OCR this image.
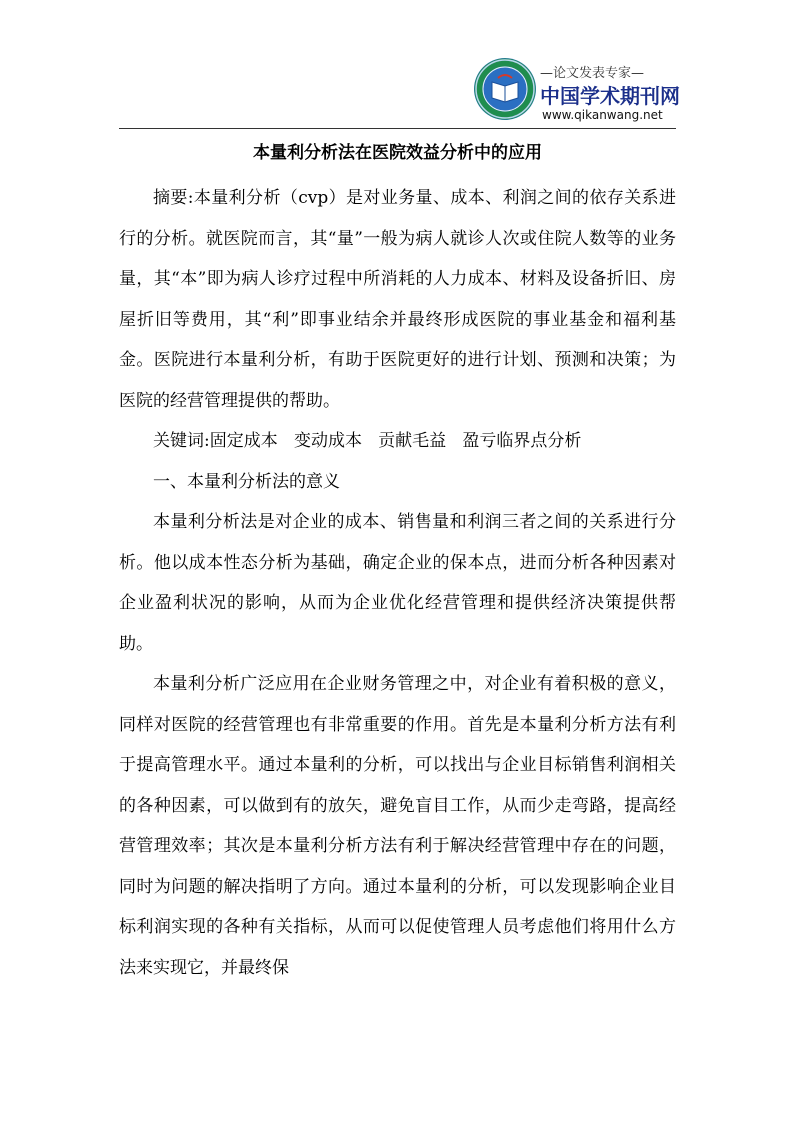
—论文发表专家—
中国学术期刊网
www.qikanwang.net
本量利分析法在医院效益分析中的应用

摘要:本量利分析（cvp）是对业务量、成本、利润之间的依存关系进行的分析。就医院而言，其“量”一般为病人就诊人次或住院人数等的业务量，其“本”即为病人诊疗过程中所消耗的人力成本、材料及设备折旧、房屋折旧等费用，其“利”即事业结余并最终形成医院的事业基金和福利基金。医院进行本量利分析，有助于医院更好的进行计划、预测和决策；为医院的经营管理提供的帮助。

关键词:固定成本   变动成本   贡献毛益   盈亏临界点分析

一、本量利分析法的意义

本量利分析法是对企业的成本、销售量和利润三者之间的关系进行分析。他以成本性态分析为基础，确定企业的保本点，进而分析各种因素对企业盈利状况的影响，从而为企业优化经营管理和提供经济决策提供帮助。

本量利分析广泛应用在企业财务管理之中，对企业有着积极的意义，同样对医院的经营管理也有非常重要的作用。首先是本量利分析方法有利于提高管理水平。通过本量利的分析，可以找出与企业目标销售利润相关的各种因素，可以做到有的放矢，避免盲目工作，从而少走弯路，提高经营管理效率；其次是本量利分析方法有利于解决经营管理中存在的问题，同时为问题的解决指明了方向。通过本量利的分析，可以发现影响企业目标利润实现的各种有关指标，从而可以促使管理人员考虑他们将用什么方法来实现它，并最终保
